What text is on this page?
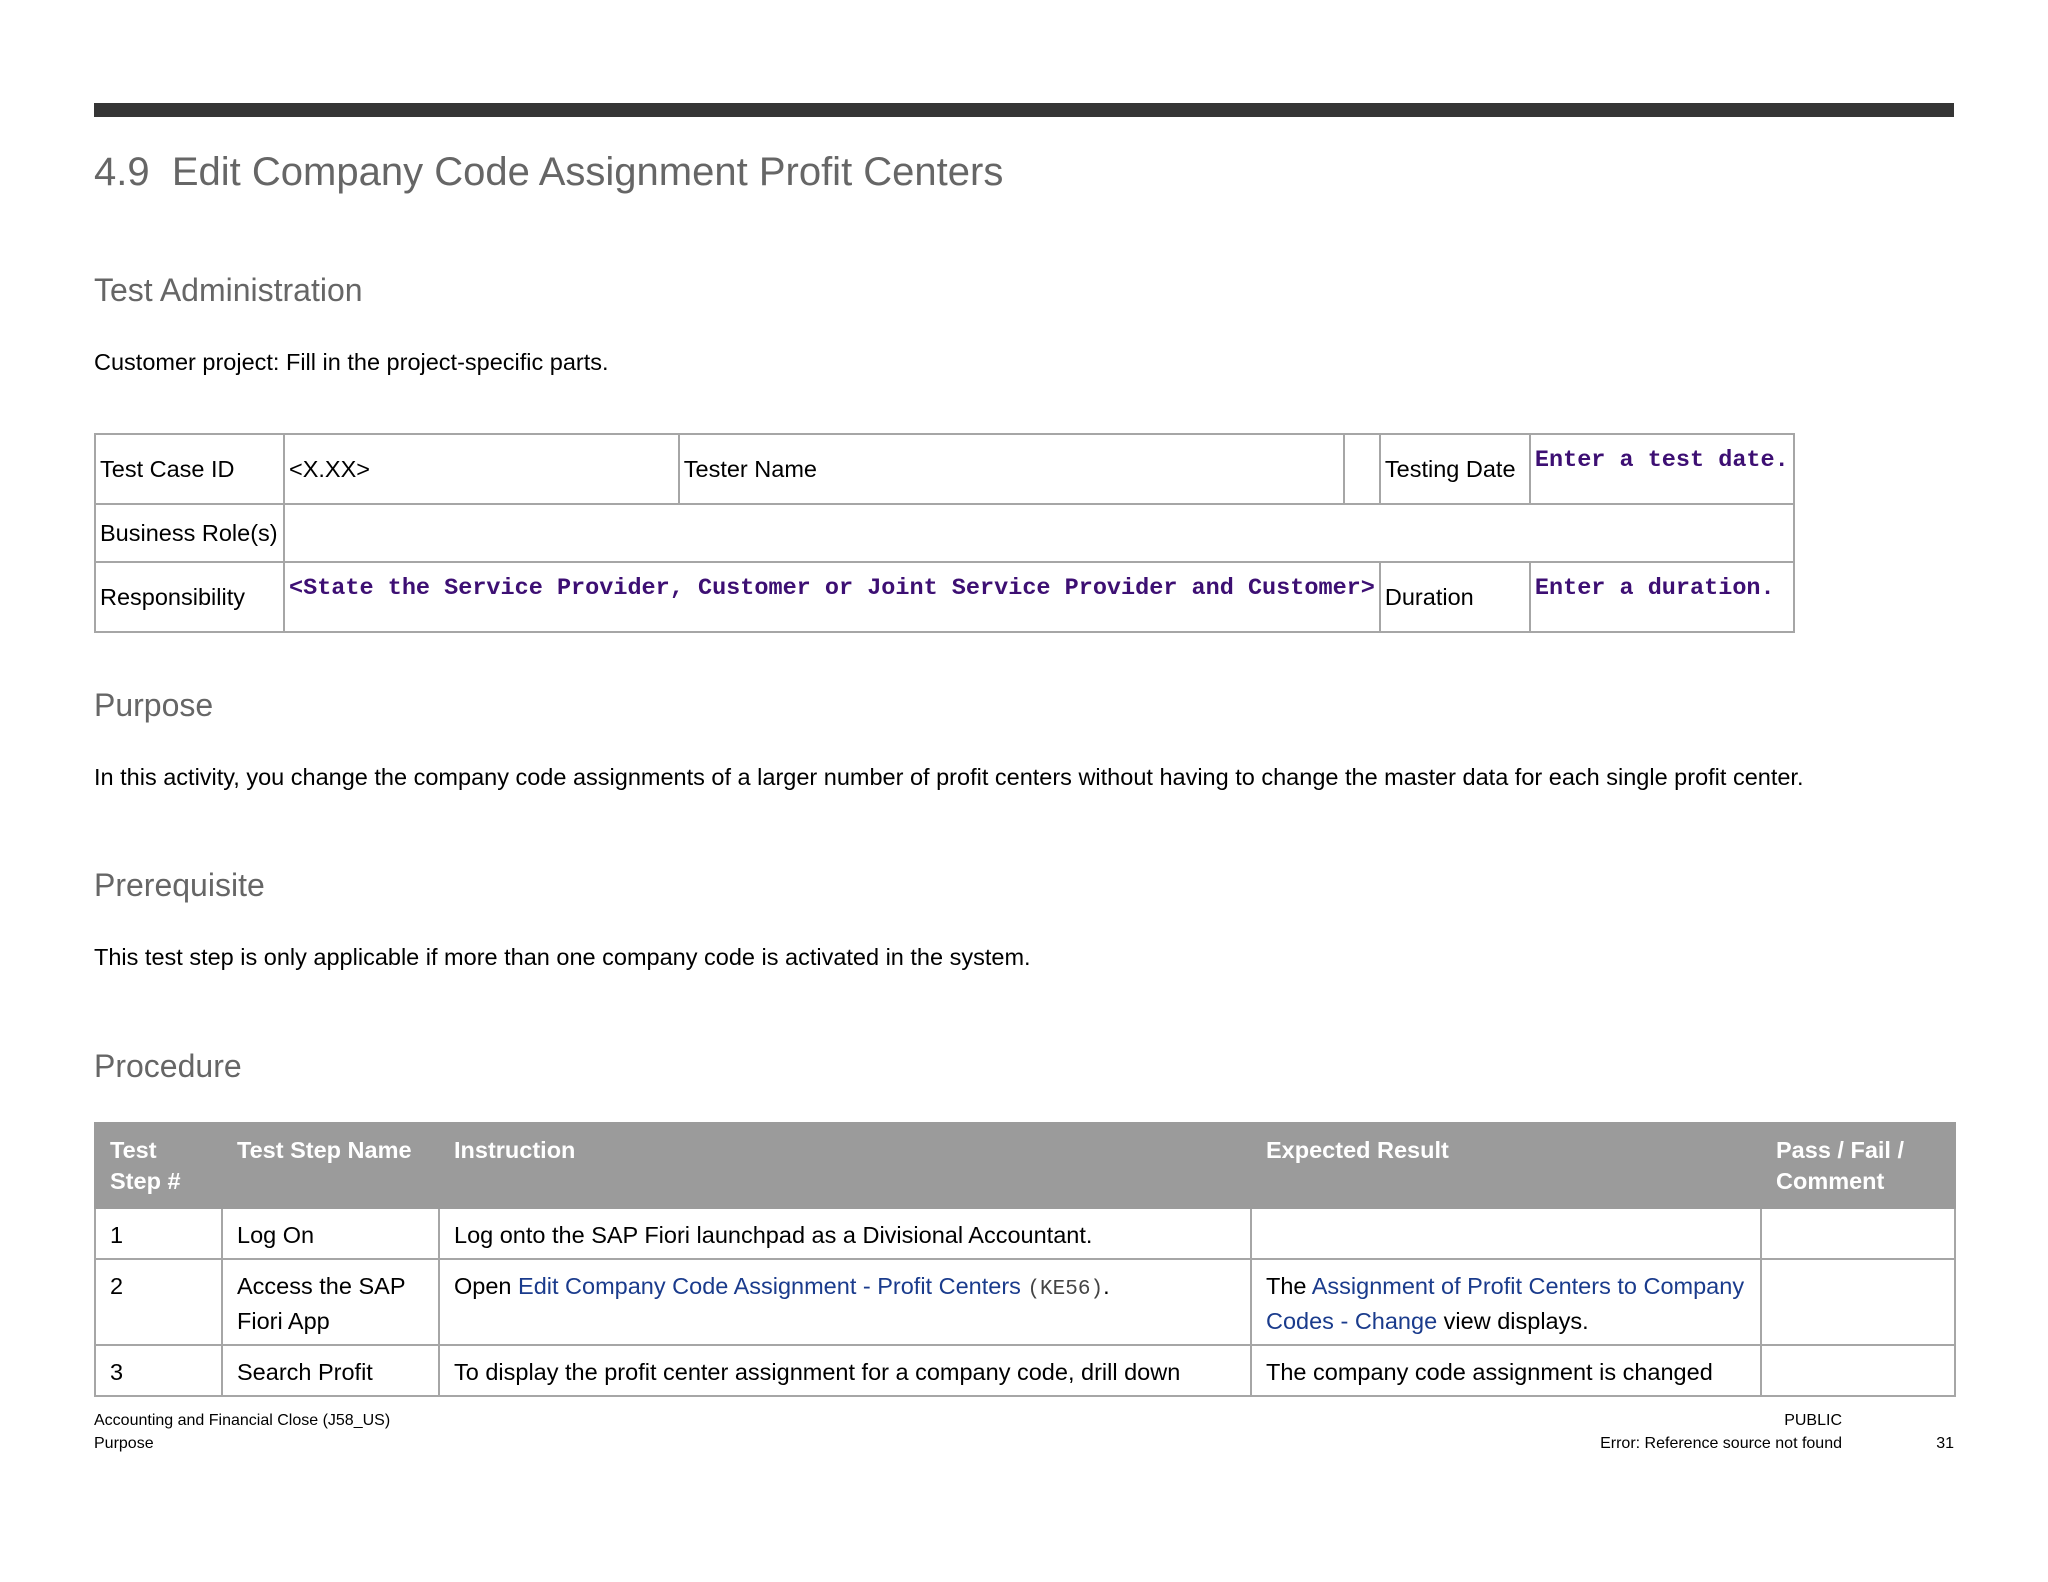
4.9 Edit Company Code Assignment Profit Centers
Test Administration
Customer project: Fill in the project-specific parts.
Test Case ID	<X.XX>	Tester Name		Testing Date	Enter a test date.
Business Role(s)					
Responsibility	<State the Service Provider, Customer or Joint Service Provider and Customer>			Duration	Enter a duration.
Purpose
In this activity, you change the company code assignments of a larger number of profit centers without having to change the master data for each single profit center.
Prerequisite
This test step is only applicable if more than one company code is activated in the system.
Procedure
Test Step #	Test Step Name	Instruction	Expected Result	Pass / Fail / Comment
1	Log On	Log onto the SAP Fiori launchpad as a Divisional Accountant.		
2	Access the SAP Fiori App	Open Edit Company Code Assignment - Profit Centers (KE56).	The Assignment of Profit Centers to Company Codes - Change view displays.	
3	Search Profit	To display the profit center assignment for a company code, drill down	The company code assignment is changed	
Accounting and Financial Close (J58_US)
Purpose
PUBLIC
Error: Reference source not found	31
